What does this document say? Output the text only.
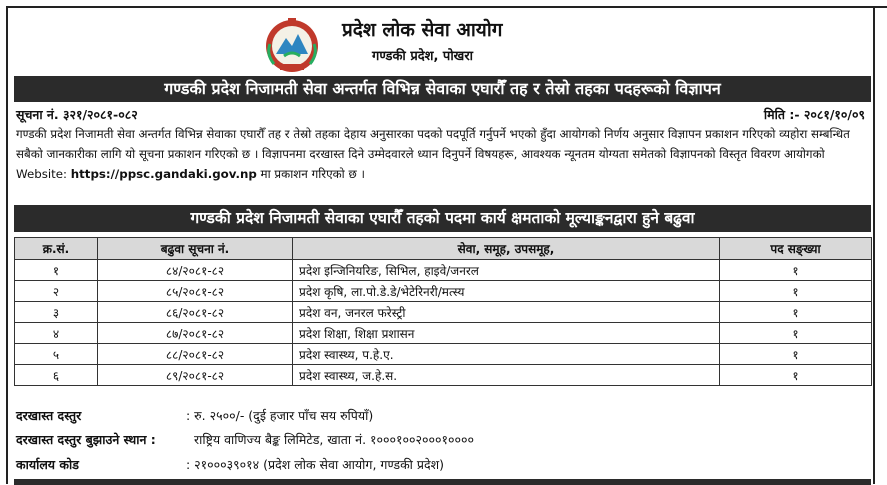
प्रदेश लोक सेवा आयोग
गण्डकी प्रदेश, पोखरा
गण्डकी प्रदेश निजामती सेवा अन्तर्गत विभिन्न सेवाका एघारौँ तह र तेस्रो तहका पदहरूको विज्ञापन
सूचना नं. ३२१/२०८१-०८२	मिति :- २०८१/१०/०९
गण्डकी प्रदेश निजामती सेवा अन्तर्गत विभिन्न सेवाका एघारौँ तह र तेस्रो तहका देहाय अनुसारका पदको पदपूर्ति गर्नुपर्ने भएको हुँदा आयोगको निर्णय अनुसार विज्ञापन प्रकाशन गरिएको व्यहोरा सम्बन्धित सबैको जानकारीका लागि यो सूचना प्रकाशन गरिएको छ । विज्ञापनमा दरखास्त दिने उम्मेदवारले ध्यान दिनुपर्ने विषयहरू, आवश्यक न्यूनतम योग्यता समेतको विज्ञापनको विस्तृत विवरण आयोगको Website: https://ppsc.gandaki.gov.np मा प्रकाशन गरिएको छ ।
गण्डकी प्रदेश निजामती सेवाका एघारौँ तहको पदमा कार्य क्षमताको मूल्याङ्कनद्वारा हुने बढुवा
क्र.सं.	बढुवा सूचना नं.	सेवा, समूह, उपसमूह,	पद सङ्ख्या
१	८४/२०८१-८२	प्रदेश इन्जिनियरिङ, सिभिल, हाइवे/जनरल	१
२	८५/२०८१-८२	प्रदेश कृषि, ला.पो.डे.डे/भेटेरिनरी/मत्स्य	१
३	८६/२०८१-८२	प्रदेश वन, जनरल फरेस्ट्री	१
४	८७/२०८१-८२	प्रदेश शिक्षा, शिक्षा प्रशासन	१
५	८८/२०८१-८२	प्रदेश स्वास्थ्य, प.हे.ए.	१
६	८९/२०८१-८२	प्रदेश स्वास्थ्य, ज.हे.स.	१
दरखास्त दस्तुर	: रु. २५००/- (दुई हजार पाँच सय रुपियाँ)
दरखास्त दस्तुर बुझाउने स्थान :	राष्ट्रिय वाणिज्य बैङ्क लिमिटेड, खाता नं. १०००१००२०००१००००
कार्यालय कोड	: २१०००३९०१४ (प्रदेश लोक सेवा आयोग, गण्डकी प्रदेश)
